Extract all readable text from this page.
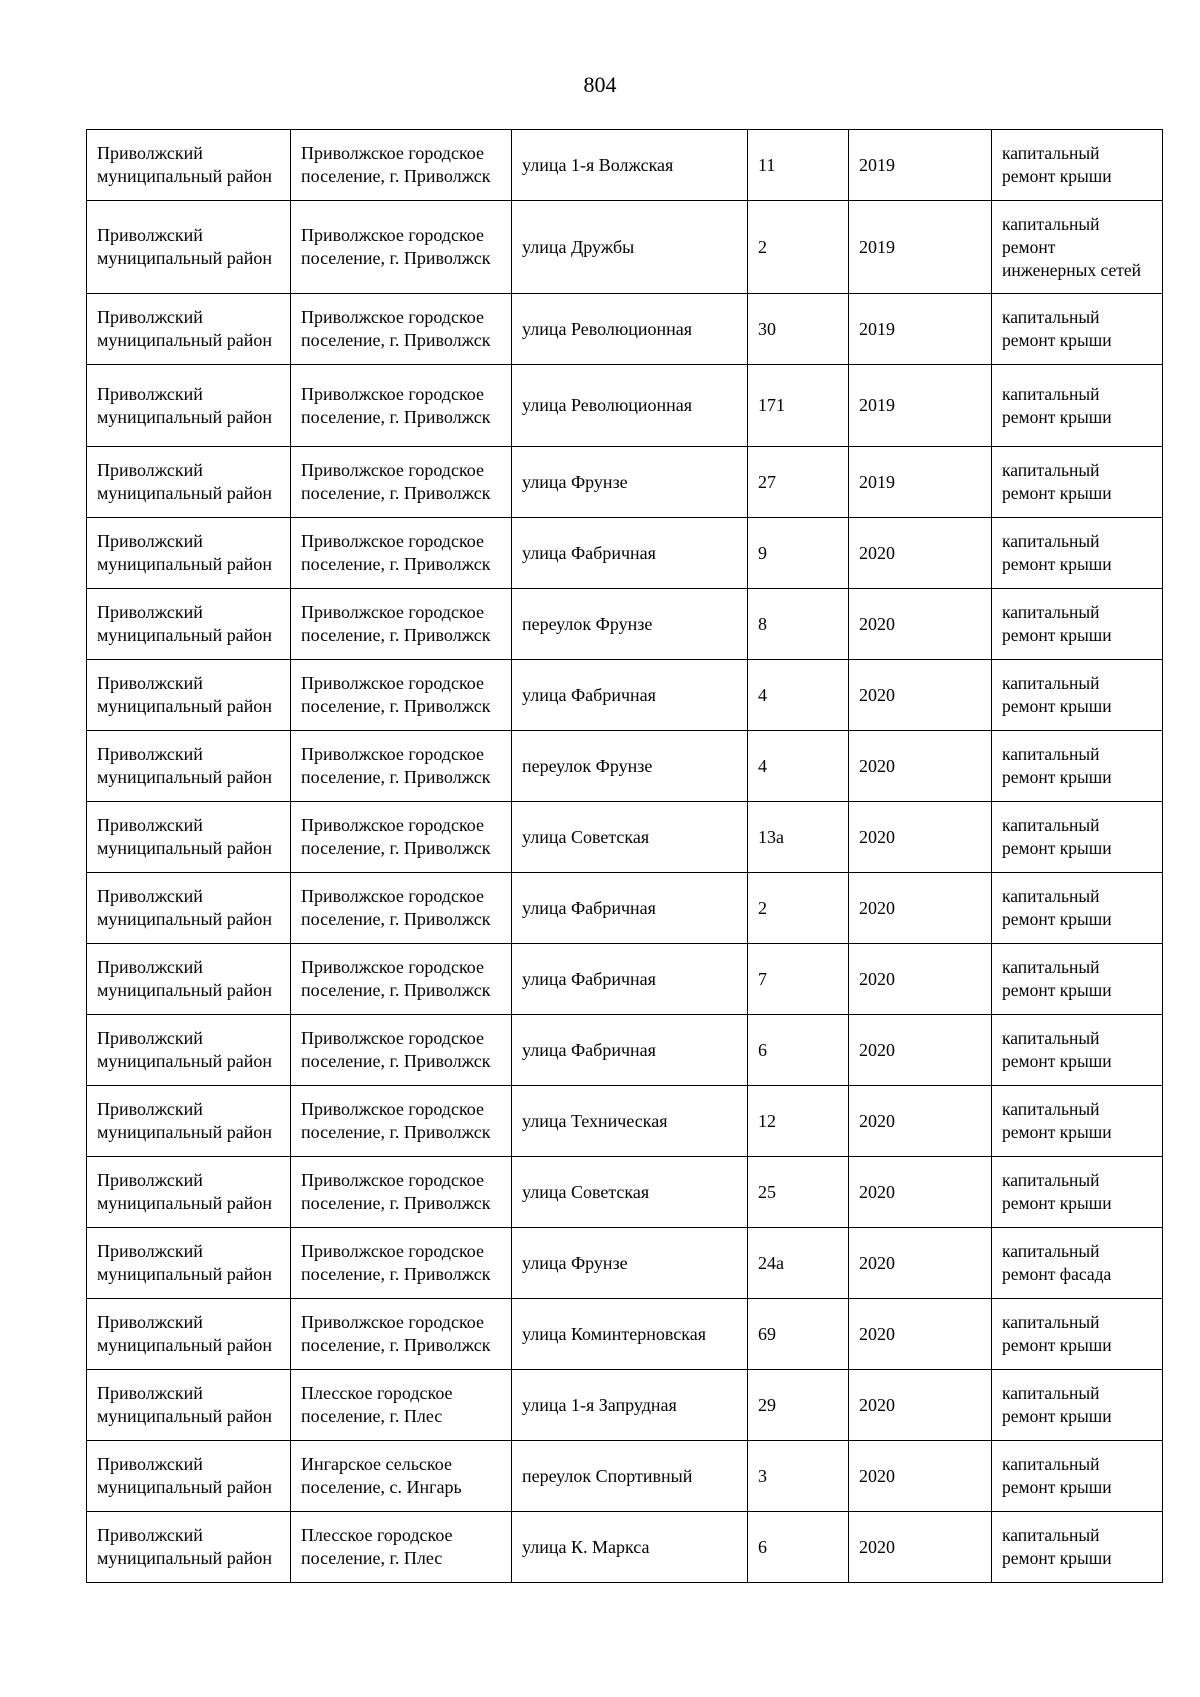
804
Приволжский муниципальный район	Приволжское городское поселение, г. Приволжск	улица 1-я Волжская	11	2019	капитальный ремонт крыши
Приволжский муниципальный район	Приволжское городское поселение, г. Приволжск	улица Дружбы	2	2019	капитальный ремонт инженерных сетей
Приволжский муниципальный район	Приволжское городское поселение, г. Приволжск	улица Революционная	30	2019	капитальный ремонт крыши
Приволжский муниципальный район	Приволжское городское поселение, г. Приволжск	улица Революционная	171	2019	капитальный ремонт крыши
Приволжский муниципальный район	Приволжское городское поселение, г. Приволжск	улица Фрунзе	27	2019	капитальный ремонт крыши
Приволжский муниципальный район	Приволжское городское поселение, г. Приволжск	улица Фабричная	9	2020	капитальный ремонт крыши
Приволжский муниципальный район	Приволжское городское поселение, г. Приволжск	переулок Фрунзе	8	2020	капитальный ремонт крыши
Приволжский муниципальный район	Приволжское городское поселение, г. Приволжск	улица Фабричная	4	2020	капитальный ремонт крыши
Приволжский муниципальный район	Приволжское городское поселение, г. Приволжск	переулок Фрунзе	4	2020	капитальный ремонт крыши
Приволжский муниципальный район	Приволжское городское поселение, г. Приволжск	улица Советская	13а	2020	капитальный ремонт крыши
Приволжский муниципальный район	Приволжское городское поселение, г. Приволжск	улица Фабричная	2	2020	капитальный ремонт крыши
Приволжский муниципальный район	Приволжское городское поселение, г. Приволжск	улица Фабричная	7	2020	капитальный ремонт крыши
Приволжский муниципальный район	Приволжское городское поселение, г. Приволжск	улица Фабричная	6	2020	капитальный ремонт крыши
Приволжский муниципальный район	Приволжское городское поселение, г. Приволжск	улица Техническая	12	2020	капитальный ремонт крыши
Приволжский муниципальный район	Приволжское городское поселение, г. Приволжск	улица Советская	25	2020	капитальный ремонт крыши
Приволжский муниципальный район	Приволжское городское поселение, г. Приволжск	улица Фрунзе	24а	2020	капитальный ремонт фасада
Приволжский муниципальный район	Приволжское городское поселение, г. Приволжск	улица Коминтерновская	69	2020	капитальный ремонт крыши
Приволжский муниципальный район	Плесское городское поселение, г. Плес	улица 1-я Запрудная	29	2020	капитальный ремонт крыши
Приволжский муниципальный район	Ингарское сельское поселение, с. Ингарь	переулок Спортивный	3	2020	капитальный ремонт крыши
Приволжский муниципальный район	Плесское городское поселение, г. Плес	улица К. Маркса	6	2020	капитальный ремонт крыши
